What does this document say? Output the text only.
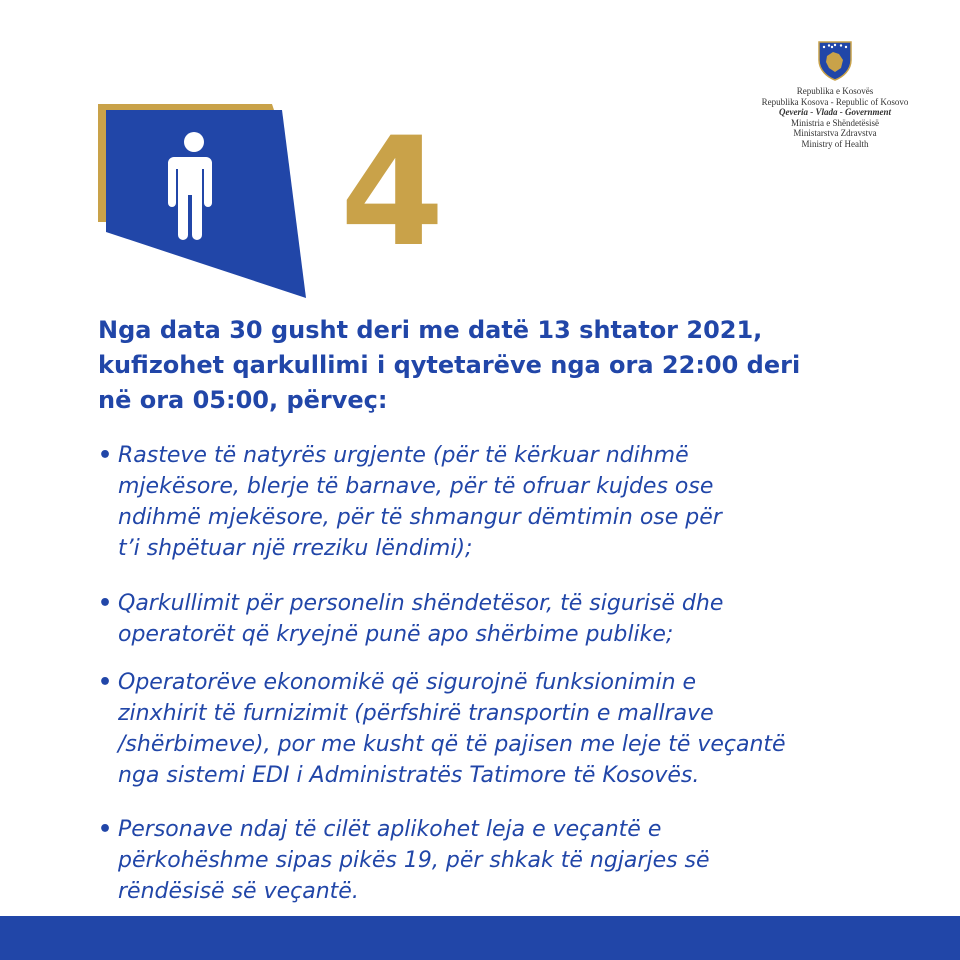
4
Republika e Kosovës
Republika Kosova - Republic of Kosovo
Qeveria - Vlada - Government
Ministria e Shëndetësisë
Ministarstva Zdravstva
Ministry of Health
Nga data 30 gusht deri me datë 13 shtator 2021,
kufizohet qarkullimi i qytetarëve nga ora 22:00 deri
në ora 05:00, përveç:
• Rasteve të natyrës urgjente (për të kërkuar ndihmë
mjekësore, blerje të barnave, për të ofruar kujdes ose
ndihmë mjekësore, për të shmangur dëmtimin ose për
t’i shpëtuar një rreziku lëndimi);
• Qarkullimit për personelin shëndetësor, të sigurisë dhe
operatorët që kryejnë punë apo shërbime publike;
• Operatorëve ekonomikë që sigurojnë funksionimin e
zinxhirit të furnizimit (përfshirë transportin e mallrave
/shërbimeve), por me kusht që të pajisen me leje të veçantë
nga sistemi EDI i Administratës Tatimore të Kosovës.
• Personave ndaj të cilët aplikohet leja e veçantë e
përkohëshme sipas pikës 19, për shkak të ngjarjes së
rëndësisë së veçantë.
